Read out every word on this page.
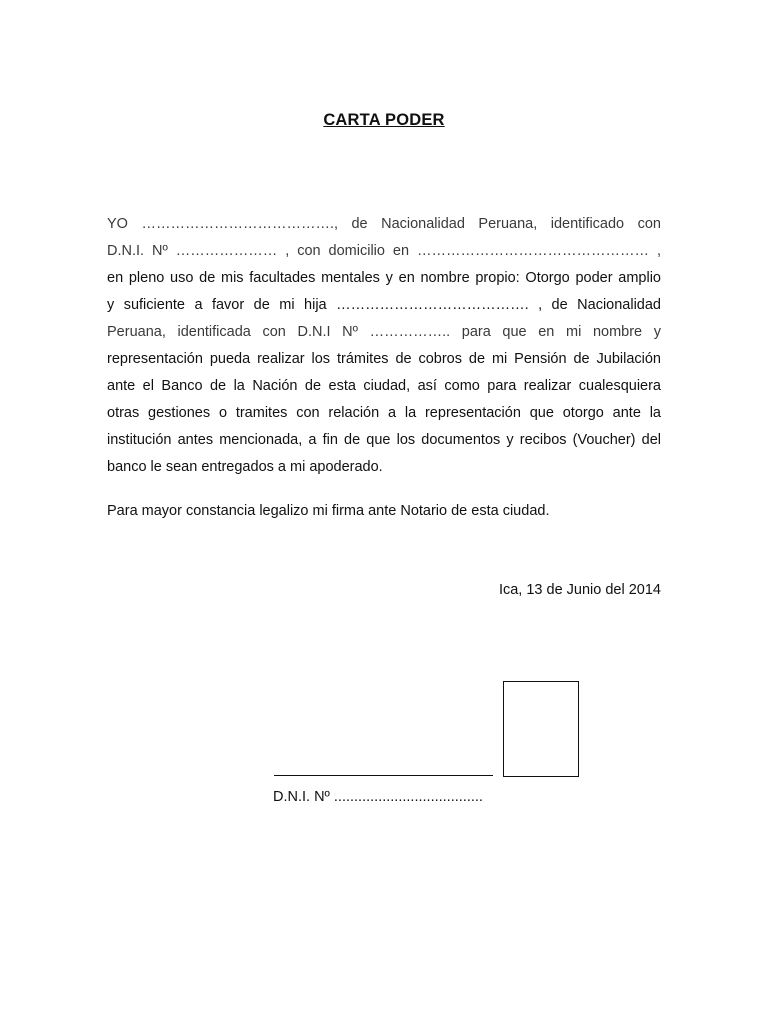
CARTA PODER
YO …………………………………., de Nacionalidad Peruana, identificado con
D.N.I. Nº ………………… , con domicilio en ………………………………………… ,
en pleno uso de mis facultades mentales y en nombre propio: Otorgo poder amplio
y suficiente a favor de mi hija …………………………………. , de Nacionalidad
Peruana, identificada con D.N.I Nº …………….. para que en mi nombre y
representación pueda realizar los trámites de cobros de mi Pensión de Jubilación
ante el Banco de la Nación de esta ciudad, así como para realizar cualesquiera
otras gestiones o tramites con relación a la representación que otorgo ante la
institución antes mencionada, a fin de que los documentos y recibos (Voucher) del
banco le sean entregados a mi apoderado.
Para mayor constancia legalizo mi firma ante Notario de esta ciudad.
Ica, 13 de Junio del 2014
D.N.I. Nº .....................................
